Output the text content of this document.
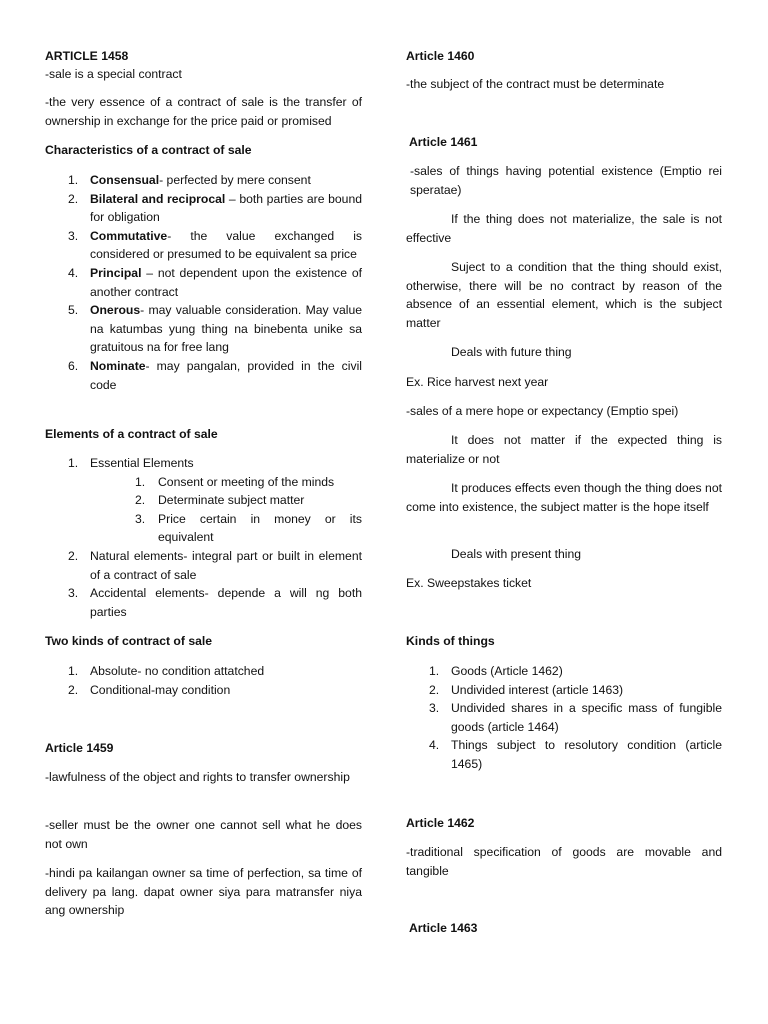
ARTICLE 1458
-sale is a special contract
-the very essence of a contract of sale is the transfer of ownership in exchange for the price paid or promised
Characteristics of a contract of sale
1. Consensual- perfected by mere consent
2. Bilateral and reciprocal – both parties are bound for obligation
3. Commutative- the value exchanged is considered or presumed to be equivalent sa price
4. Principal – not dependent upon the existence of another contract
5. Onerous- may valuable consideration. May value na katumbas yung thing na binebenta unike sa gratuitous na for free lang
6. Nominate- may pangalan, provided in the civil code
Elements of a contract of sale
1. Essential Elements
1.	Consent or meeting of the minds
2.	Determinate subject matter
3.	Price certain in money or its equivalent
2. Natural elements- integral part or built in element of a contract of sale
3. Accidental elements- depende a will ng both parties
Two kinds of contract of sale
1. Absolute- no condition attatched
2. Conditional-may condition
Article 1459
-lawfulness of the object and rights to transfer ownership
-seller must be the owner one cannot sell what he does not own
-hindi pa kailangan owner sa time of perfection, sa time of delivery pa lang. dapat owner siya para matransfer niya ang ownership
Article 1460
-the subject of the contract must be determinate
Article 1461
-sales of things having potential existence (Emptio rei speratae)
If the thing does not materialize, the sale is not effective
Suject to a condition that the thing should exist, otherwise, there will be no contract by reason of the absence of an essential element, which is the subject matter
Deals with future thing
Ex. Rice harvest next year
-sales of a mere hope or expectancy (Emptio spei)
It does not matter if the expected thing is materialize or not
It produces effects even though the thing does not come into existence, the subject matter is the hope itself
Deals with present thing
Ex. Sweepstakes ticket
Kinds of things
1. Goods (Article 1462)
2. Undivided interest (article 1463)
3. Undivided shares in a specific mass of fungible goods (article 1464)
4. Things subject to resolutory condition (article 1465)
Article 1462
-traditional specification of goods are movable and tangible
Article 1463
